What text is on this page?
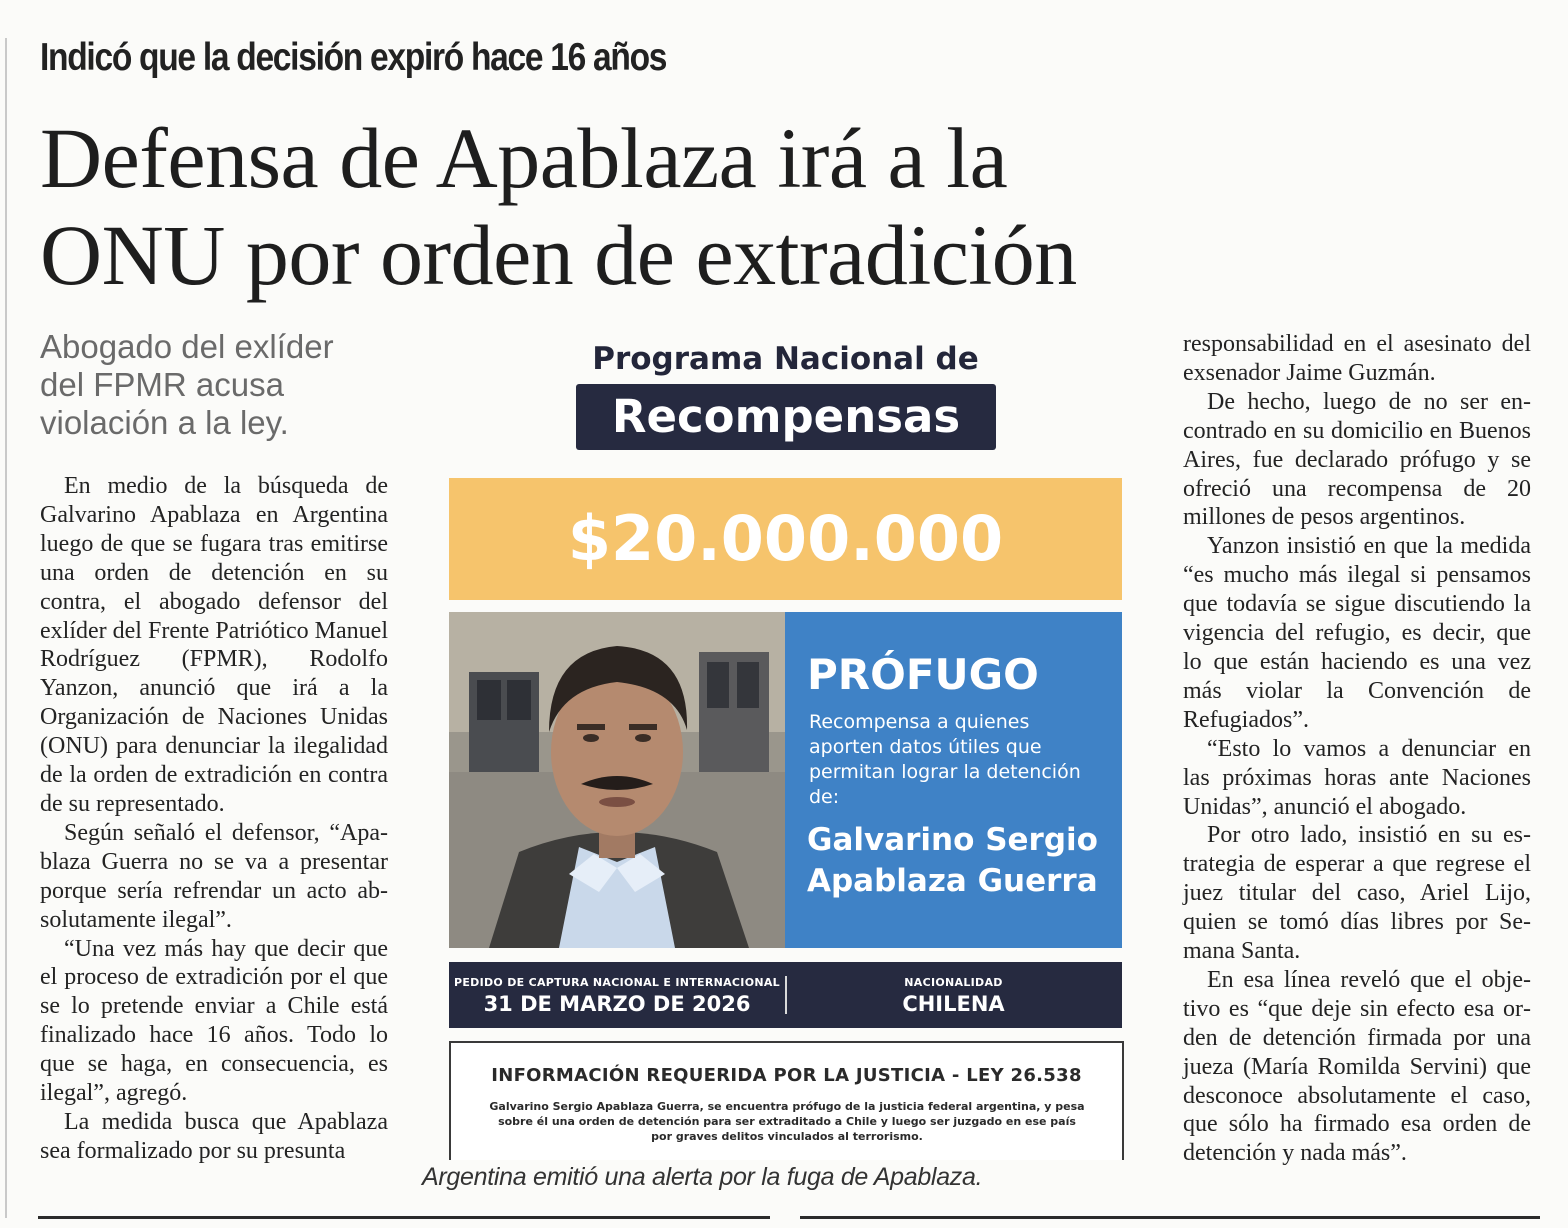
Indicó que la decisión expiró hace 16 años
Defensa de Apablaza irá a la
ONU por orden de extradición
Abogado del exlíder del FPMR acusa violación a la ley.

En medio de la búsqueda de Galvarino Apablaza en Argentina luego de que se fugara tras emitirse una orden de detención en su contra, el abogado defensor del exlíder del Frente Patriótico Manuel Rodríguez (FPMR), Rodolfo Yanzon, anunció que irá a la Organización de Naciones Unidas (ONU) para denunciar la ilegalidad de la orden de extradición en contra de su representado.

Según señaló el defensor, “Apablaza Guerra no se va a presentar porque sería refrendar un acto absolutamente ilegal”.

“Una vez más hay que decir que el proceso de extradición por el que se lo pretende enviar a Chile está finalizado hace 16 años. Todo lo que se haga, en consecuencia, es ilegal”, agregó.

La medida busca que Apablaza sea formalizado por su presunta

Programa Nacional de
Recompensas
$20.000.000
PRÓFUGO
Recompensa a quienes aporten datos útiles que permitan lograr la detención de:
Galvarino Sergio
Apablaza Guerra
PEDIDO DE CAPTURA NACIONAL E INTERNACIONAL
31 DE MARZO DE 2026
NACIONALIDAD
CHILENA
INFORMACIÓN REQUERIDA POR LA JUSTICIA - LEY 26.538
Galvarino Sergio Apablaza Guerra, se encuentra prófugo de la justicia federal argentina, y pesa sobre él una orden de detención para ser extraditado a Chile y luego ser juzgado en ese país por graves delitos vinculados al terrorismo.
Argentina emitió una alerta por la fuga de Apablaza.

responsabilidad en el asesinato del exsenador Jaime Guzmán.

De hecho, luego de no ser encontrado en su domicilio en Buenos Aires, fue declarado prófugo y se ofreció una recompensa de 20 millones de pesos argentinos.

Yanzon insistió en que la medida “es mucho más ilegal si pensamos que todavía se sigue discutiendo la vigencia del refugio, es decir, que lo que están haciendo es una vez más violar la Convención de Refugiados”.

“Esto lo vamos a denunciar en las próximas horas ante Naciones Unidas”, anunció el abogado.

Por otro lado, insistió en su estrategia de esperar a que regrese el juez titular del caso, Ariel Lijo, quien se tomó días libres por Semana Santa.

En esa línea reveló que el objetivo es “que deje sin efecto esa orden de detención firmada por una jueza (María Romilda Servini) que desconoce absolutamente el caso, que sólo ha firmado esa orden de detención y nada más”.
